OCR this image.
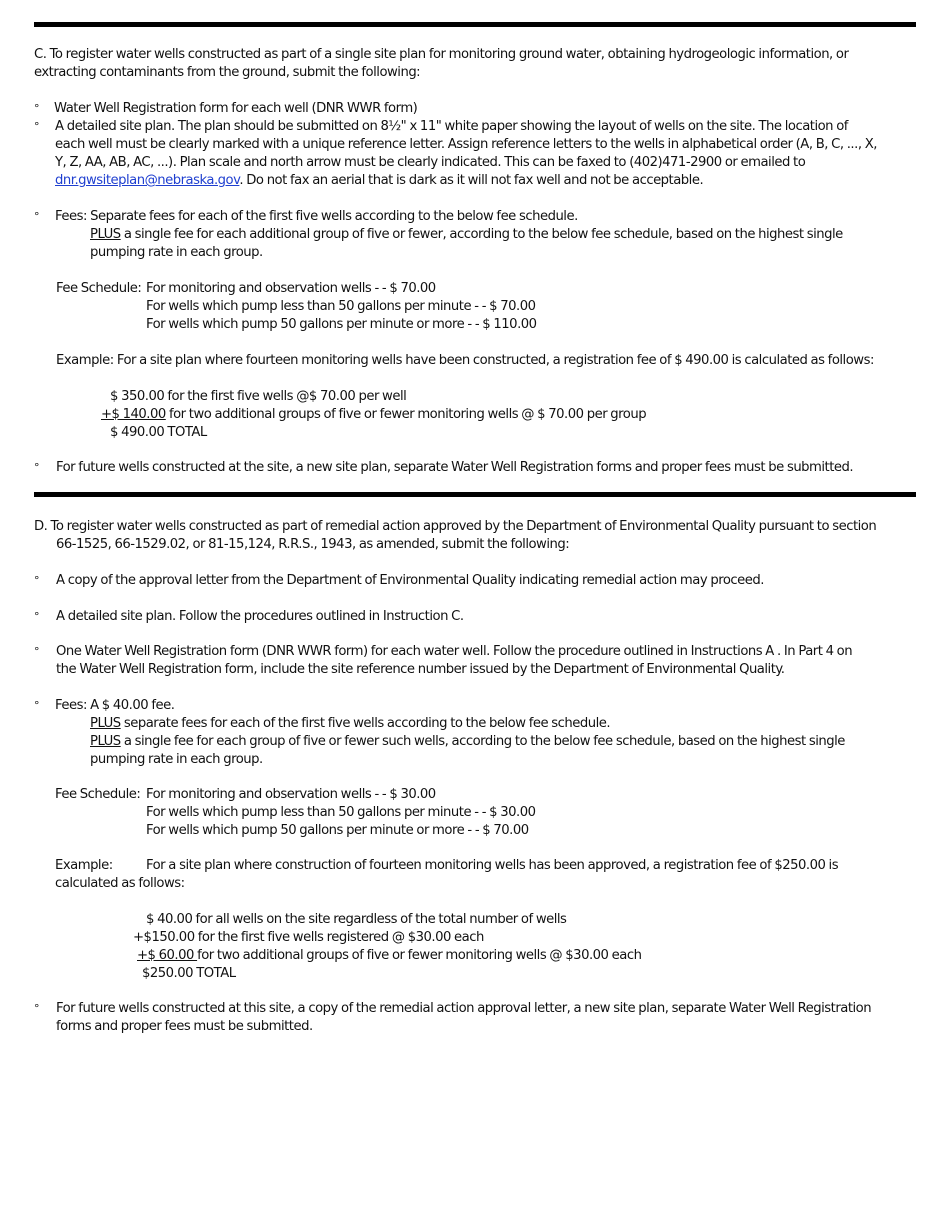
C. To register water wells constructed as part of a single site plan for monitoring ground water, obtaining hydrogeologic information, or
extracting contaminants from the ground, submit the following:
° Water Well Registration form for each well (DNR WWR form)
° A detailed site plan. The plan should be submitted on 8½" x 11" white paper showing the layout of wells on the site. The location of
each well must be clearly marked with a unique reference letter. Assign reference letters to the wells in alphabetical order (A, B, C, ..., X,
Y, Z, AA, AB, AC, ...). Plan scale and north arrow must be clearly indicated. This can be faxed to (402)471-2900 or emailed to
dnr.gwsiteplan@nebraska.gov. Do not fax an aerial that is dark as it will not fax well and not be acceptable.
° Fees: Separate fees for each of the first five wells according to the below fee schedule.
PLUS a single fee for each additional group of five or fewer, according to the below fee schedule, based on the highest single
pumping rate in each group.
Fee Schedule: For monitoring and observation wells - - $ 70.00
For wells which pump less than 50 gallons per minute - - $ 70.00
For wells which pump 50 gallons per minute or more - - $ 110.00
Example: For a site plan where fourteen monitoring wells have been constructed, a registration fee of $ 490.00 is calculated as follows:
$ 350.00 for the first five wells @$ 70.00 per well
+$ 140.00 for two additional groups of five or fewer monitoring wells @ $ 70.00 per group
$ 490.00 TOTAL
° For future wells constructed at the site, a new site plan, separate Water Well Registration forms and proper fees must be submitted.
D. To register water wells constructed as part of remedial action approved by the Department of Environmental Quality pursuant to section
66-1525, 66-1529.02, or 81-15,124, R.R.S., 1943, as amended, submit the following:
° A copy of the approval letter from the Department of Environmental Quality indicating remedial action may proceed.
° A detailed site plan. Follow the procedures outlined in Instruction C.
° One Water Well Registration form (DNR WWR form) for each water well. Follow the procedure outlined in Instructions A . In Part 4 on
the Water Well Registration form, include the site reference number issued by the Department of Environmental Quality.
° Fees: A $ 40.00 fee.
PLUS separate fees for each of the first five wells according to the below fee schedule.
PLUS a single fee for each group of five or fewer such wells, according to the below fee schedule, based on the highest single
pumping rate in each group.
Fee Schedule: For monitoring and observation wells - - $ 30.00
For wells which pump less than 50 gallons per minute - - $ 30.00
For wells which pump 50 gallons per minute or more - - $ 70.00
Example:	For a site plan where construction of fourteen monitoring wells has been approved, a registration fee of $250.00 is
calculated as follows:
$ 40.00 for all wells on the site regardless of the total number of wells
+$150.00 for the first five wells registered @ $30.00 each
+$ 60.00 for two additional groups of five or fewer monitoring wells @ $30.00 each
$250.00 TOTAL
° For future wells constructed at this site, a copy of the remedial action approval letter, a new site plan, separate Water Well Registration
forms and proper fees must be submitted.
